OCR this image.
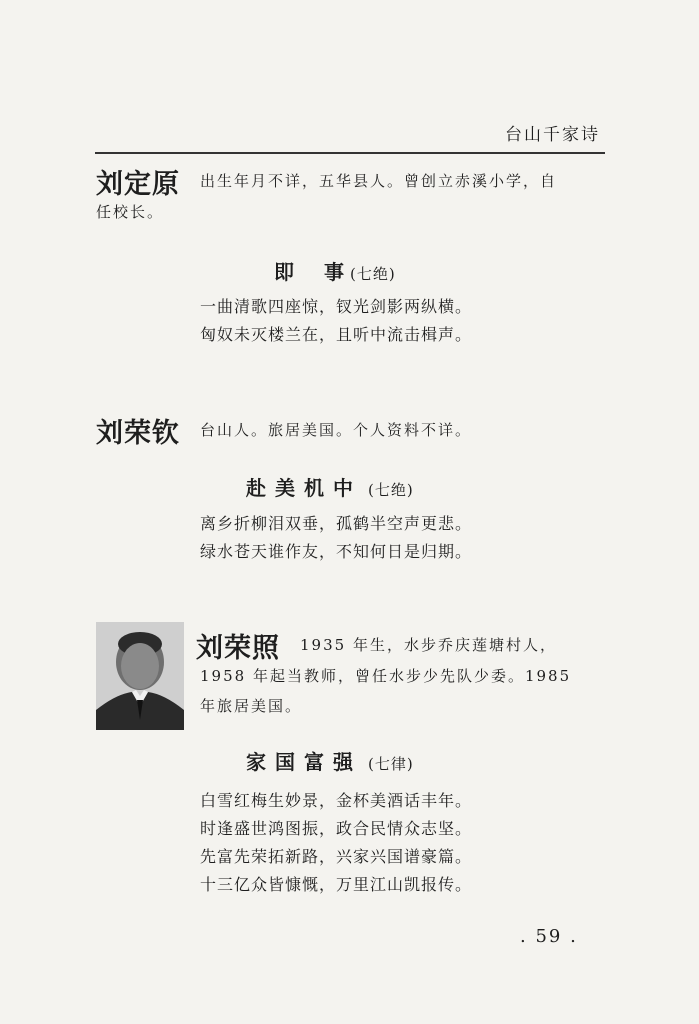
台山千家诗
刘定原 出生年月不详，五华县人。曾创立赤溪小学，自
任校长。
即 事 (七绝)
一曲清歌四座惊，钗光剑影两纵横。
匈奴未灭楼兰在，且听中流击楫声。
刘荣钦 台山人。旅居美国。个人资料不详。
赴美机中 (七绝)
离乡折柳泪双垂，孤鹤半空声更悲。
绿水苍天谁作友，不知何日是归期。
刘荣照 1935 年生，水步乔庆莲塘村人，
1958 年起当教师，曾任水步少先队少委。1985
年旅居美国。
家国富强 (七律)
白雪红梅生妙景，金杯美酒话丰年。
时逢盛世鸿图振，政合民情众志坚。
先富先荣拓新路，兴家兴国谱豪篇。
十三亿众皆慷慨，万里江山凯报传。
. 59 .
